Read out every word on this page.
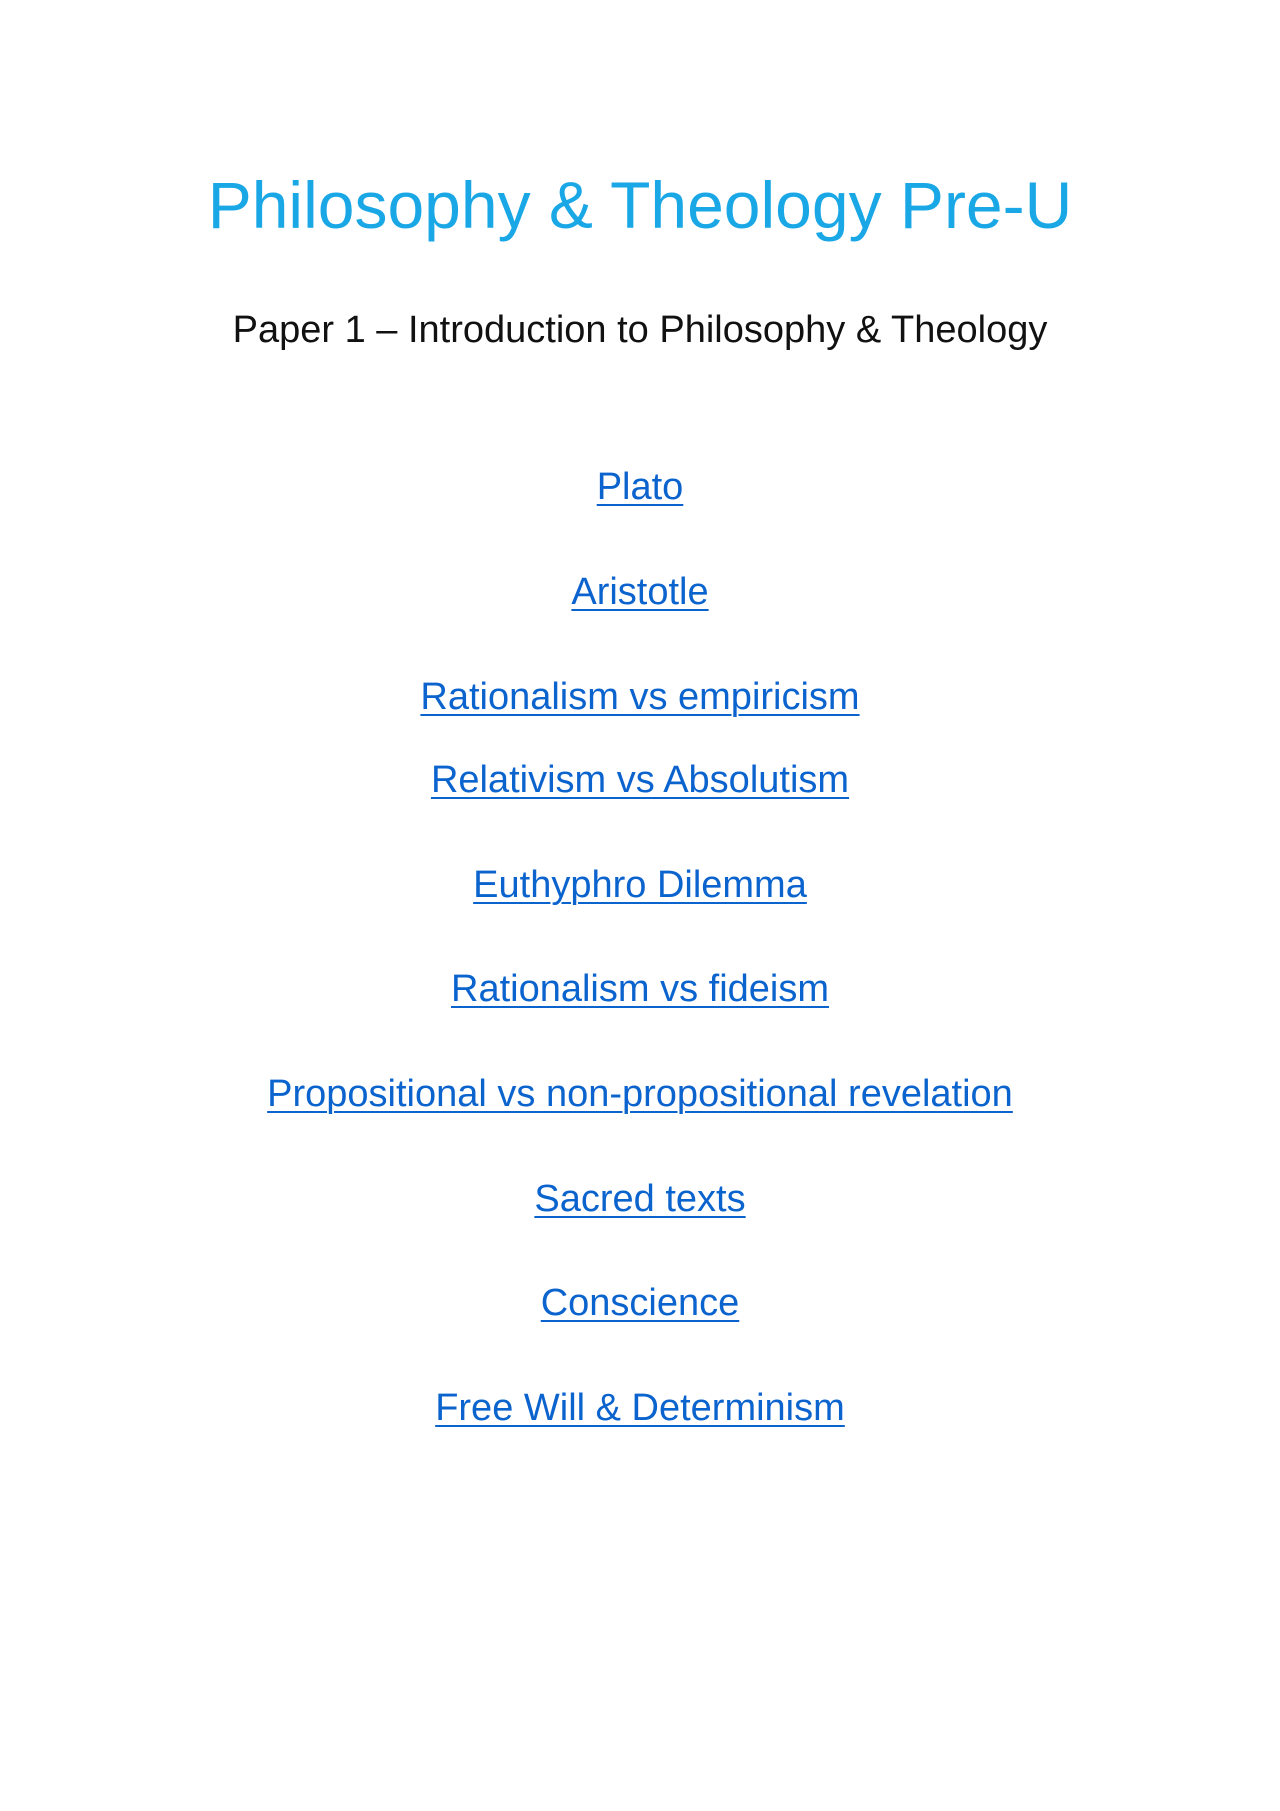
Philosophy & Theology Pre-U
Paper 1 – Introduction to Philosophy & Theology
Plato
Aristotle
Rationalism vs empiricism
Relativism vs Absolutism
Euthyphro Dilemma
Rationalism vs fideism
Propositional vs non-propositional revelation
Sacred texts
Conscience
Free Will & Determinism
